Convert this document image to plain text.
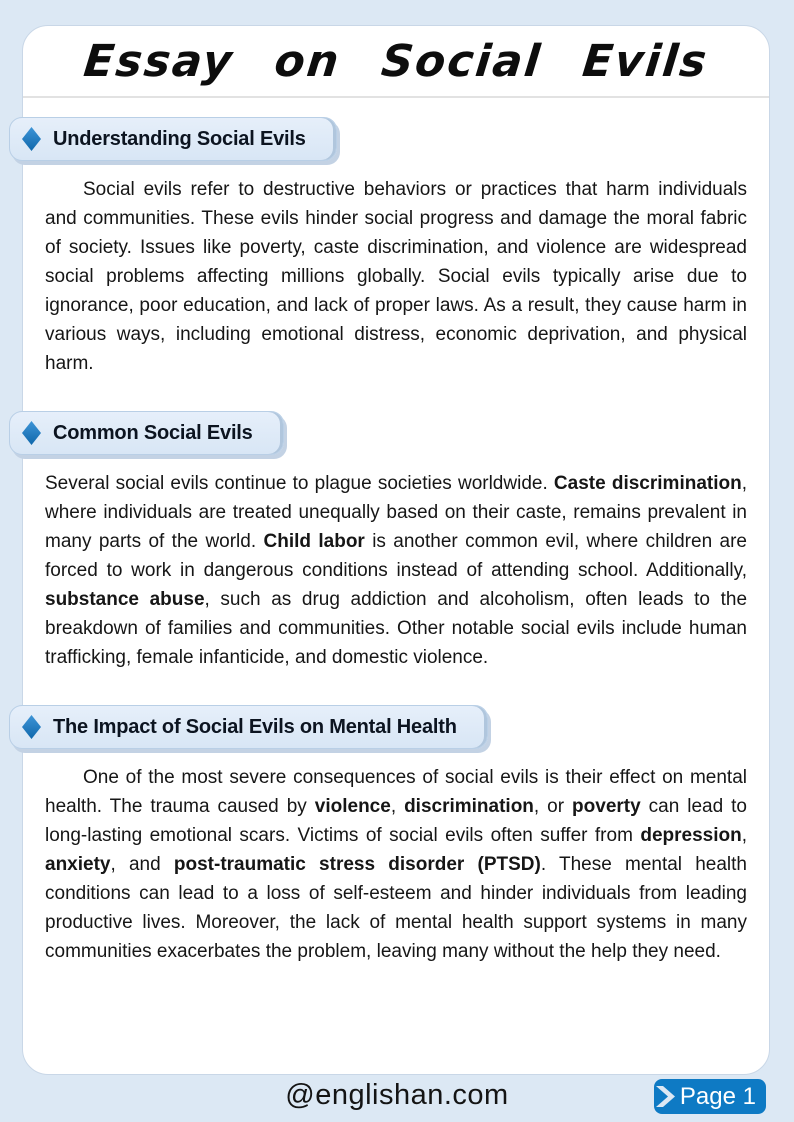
Essay on Social Evils
Understanding Social Evils

Social evils refer to destructive behaviors or practices that harm individuals and communities. These evils hinder social progress and damage the moral fabric of society. Issues like poverty, caste discrimination, and violence are widespread social problems affecting millions globally. Social evils typically arise due to ignorance, poor education, and lack of proper laws. As a result, they cause harm in various ways, including emotional distress, economic deprivation, and physical harm.

Common Social Evils

Several social evils continue to plague societies worldwide. Caste discrimination, where individuals are treated unequally based on their caste, remains prevalent in many parts of the world. Child labor is another common evil, where children are forced to work in dangerous conditions instead of attending school. Additionally, substance abuse, such as drug addiction and alcoholism, often leads to the breakdown of families and communities. Other notable social evils include human trafficking, female infanticide, and domestic violence.

The Impact of Social Evils on Mental Health

One of the most severe consequences of social evils is their effect on mental health. The trauma caused by violence, discrimination, or poverty can lead to long-lasting emotional scars. Victims of social evils often suffer from depression, anxiety, and post-traumatic stress disorder (PTSD). These mental health conditions can lead to a loss of self-esteem and hinder individuals from leading productive lives. Moreover, the lack of mental health support systems in many communities exacerbates the problem, leaving many without the help they need.

@englishan.com	Page 1
